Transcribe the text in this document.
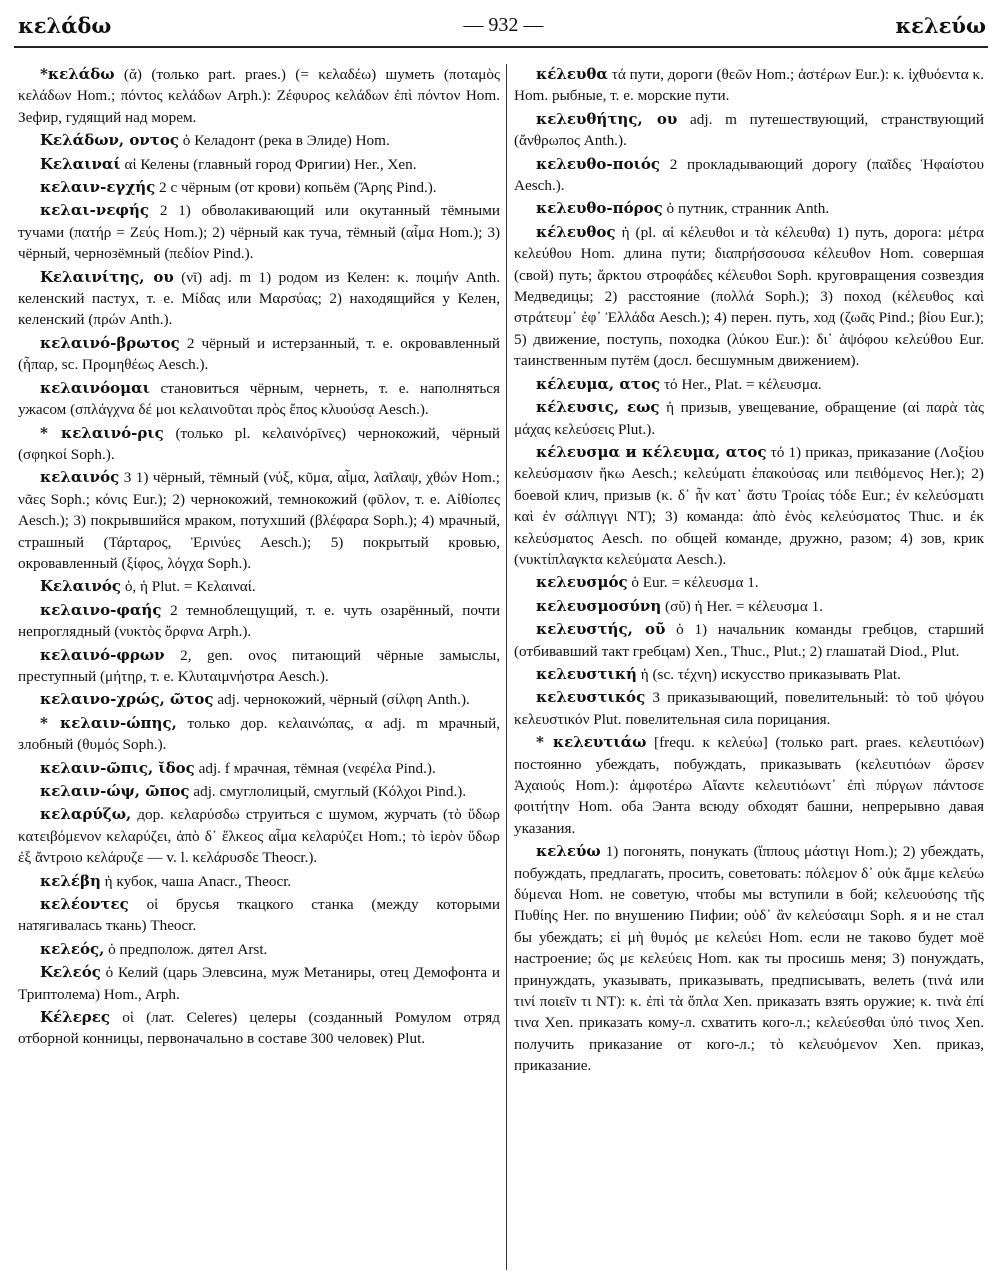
κελάδω	— 932 —	κελεύω

*κελάδω (ᾰ) (только part. praes.) (= κελαδέω) шуметь (ποταμὸς κελάδων Hom.; πόντος κελάδων Arph.): Ζέφυρος κελάδων ἐπὶ πόντον Hom. Зефир, гудящий над морем.

Κελάδων, οντος ὁ Келадонт (река в Элиде) Hom.

Κελαιναί αἱ Келены (главный город Фригии) Her., Xen.

κελαιν-εγχής 2 с чёрным (от крови) копьём (Ἄρης Pind.).

κελαι-νεφής 2 1) обволакивающий или окутанный тёмными тучами (πατήρ = Ζεύς Hom.); 2) чёрный как туча, тёмный (αἷμα Hom.); 3) чёрный, чернозёмный (πεδίον Pind.).

Κελαινίτης, ου (νῑ) adj. m 1) родом из Келен: κ. ποιμήν Anth. келенский пастух, т. е. Μίδας или Μαρσύας; 2) находящийся у Келен, келенский (πρών Anth.).

κελαινό-βρωτος 2 чёрный и истерзанный, т. е. окровавленный (ἧπαρ, sc. Προμηθέως Aesch.).

κελαινόομαι становиться чёрным, чернеть, т. е. наполняться ужасом (σπλάγχνα δέ μοι κελαινοῦται πρὸς ἔπος κλυούσᾳ Aesch.).

* κελαινό-ρις (только pl. κελαινόρῑνες) чернокожий, чёрный (σφηκοί Soph.).

κελαινός 3 1) чёрный, тёмный (νύξ, κῦμα, αἷμα, λαῖλαψ, χθών Hom.; νᾶες Soph.; κόνις Eur.); 2) чернокожий, темнокожий (φῦλον, т. е. Αἰθίοπες Aesch.); 3) покрывшийся мраком, потухший (βλέφαρα Soph.); 4) мрачный, страшный (Τάρταρος, Ἐρινύες Aesch.); 5) покрытый кровью, окровавленный (ξίφος, λόγχα Soph.).

Κελαινός ὁ, ἡ Plut. = Κελαιναί.

κελαινο-φαής 2 темноблещущий, т. е. чуть озарённый, почти непроглядный (νυκτὸς ὄρφνα Arph.).

κελαινό-φρων 2, gen. ονος питающий чёрные замыслы, преступный (μήτηρ, т. е. Κλυταιμνήστρα Aesch.).

κελαινο-χρώς, ῶτος adj. чернокожий, чёрный (σίλφη Anth.).

* κελαιν-ώπης, только дор. κελαινώπας, α adj. m мрачный, злобный (θυμός Soph.).

κελαιν-ῶπις, ῐδος adj. f мрачная, тёмная (νεφέλα Pind.).

κελαιν-ώψ, ῶπος adj. смуглолицый, смуглый (Κόλχοι Pind.).

κελαρύζω, дор. κελαρύσδω струиться с шумом, журчать (τὸ ὕδωρ κατειβόμενον κελαρύζει, ἀπὸ δ᾽ ἕλκεος αἷμα κελαρύζει Hom.; τὸ ἱερὸν ὕδωρ ἐξ ἄντροιο κελάρυζε — v. l. κελάρυσδε Theocr.).

κελέβη ἡ кубок, чаша Anacr., Theocr.

κελέοντες οἱ брусья ткацкого станка (между которыми натягивалась ткань) Theocr.

κελεός, ὁ предполож. дятел Arst.

Κελεός ὁ Келий (царь Элевсина, муж Метаниры, отец Демофонта и Триптолема) Hom., Arph.

Κέλερες οἱ (лат. Celeres) целеры (созданный Ромулом отряд отборной конницы, первоначально в составе 300 человек) Plut.

κέλευθα τά пути, дороги (θεῶν Hom.; ἀστέρων Eur.): κ. ἰχθυόεντα κ. Hom. рыбные, т. е. морские пути.

κελευθήτης, ου adj. m путешествующий, странствующий (ἄνθρωπος Anth.).

κελευθο-ποιός 2 прокладывающий дорогу (παῖδες Ἡφαίστου Aesch.).

κελευθο-πόρος ὁ путник, странник Anth.

κέλευθος ἡ (pl. αἱ κέλευθοι и τὰ κέλευθα) 1) путь, дорога: μέτρα κελεύθου Hom. длина пути; διαπρήσσουσα κέλευθον Hom. совершая (свой) путь; ἄρκτου στροφάδες κέλευθοι Soph. круговращения созвездия Медведицы; 2) расстояние (πολλά Soph.); 3) поход (κέλευθος καὶ στράτευμ᾽ ἐφ᾽ Ἑλλάδα Aesch.); 4) перен. путь, ход (ζωᾶς Pind.; βίου Eur.); 5) движение, поступь, походка (λύκου Eur.): δι᾽ ἀψόφου κελεύθου Eur. таинственным путём (досл. бесшумным движением).

κέλευμα, ατος τό Her., Plat. = κέλευσμα.

κέλευσις, εως ἡ призыв, увещевание, обращение (αἱ παρὰ τὰς μάχας κελεύσεις Plut.).

κέλευσμα и κέλευμα, ατος τό 1) приказ, приказание (Λοξίου κελεύσμασιν ἥκω Aesch.; κελεύματι ἐπακούσας или πειθόμενος Her.); 2) боевой клич, призыв (κ. δ᾽ ἦν κατ᾽ ἄστυ Τροίας τόδε Eur.; ἐν κελεύσματι καὶ ἐν σάλπιγγι NT); 3) команда: ἀπὸ ἑνὸς κελεύσματος Thuc. и ἐκ κελεύσματος Aesch. по общей команде, дружно, разом; 4) зов, крик (νυκτίπλαγκτα κελεύματα Aesch.).

κελευσμός ὁ Eur. = κέλευσμα 1.

κελευσμοσύνη (σῠ) ἡ Her. = κέλευσμα 1.

κελευστής, οῦ ὁ 1) начальник команды гребцов, старший (отбивавший такт гребцам) Xen., Thuc., Plut.; 2) глашатай Diod., Plut.

κελευστική ἡ (sc. τέχνη) искусство приказывать Plat.

κελευστικός 3 приказывающий, повелительный: τὸ τοῦ ψόγου κελευστικόν Plut. повелительная сила порицания.

* κελευτιάω [frequ. к κελεύω] (только part. praes. κελευτιόων) постоянно убеждать, побуждать, приказывать (κελευτιόων ὤρσεν Ἀχαιούς Hom.): ἀμφοτέρω Αἴαντε κελευτιόωντ᾽ ἐπὶ πύργων πάντοσε φοιτήτην Hom. оба Эанта всюду обходят башни, непрерывно давая указания.

κελεύω 1) погонять, понукать (ἵππους μάστιγι Hom.); 2) убеждать, побуждать, предлагать, просить, советовать: πόλεμον δ᾽ οὐκ ἄμμε κελεύω δύμεναι Hom. не советую, чтобы мы вступили в бой; κελευούσης τῆς Πυθίης Her. по внушению Пифии; οὐδ᾽ ἂν κελεύσαιμι Soph. я и не стал бы убеждать; εἰ μὴ θυμός με κελεύει Hom. если не таково будет моё настроение; ὥς με κελεύεις Hom. как ты просишь меня; 3) понуждать, принуждать, указывать, приказывать, предписывать, велеть (τινά или τινί ποιεῖν τι NT): κ. ἐπὶ τὰ ὅπλα Xen. приказать взять оружие; κ. τινὰ ἐπί τινα Xen. приказать кому-л. схватить кого-л.; κελεύεσθαι ὑπό τινος Xen. получить приказание от кого-л.; τὸ κελευόμενον Xen. приказ, приказание.
